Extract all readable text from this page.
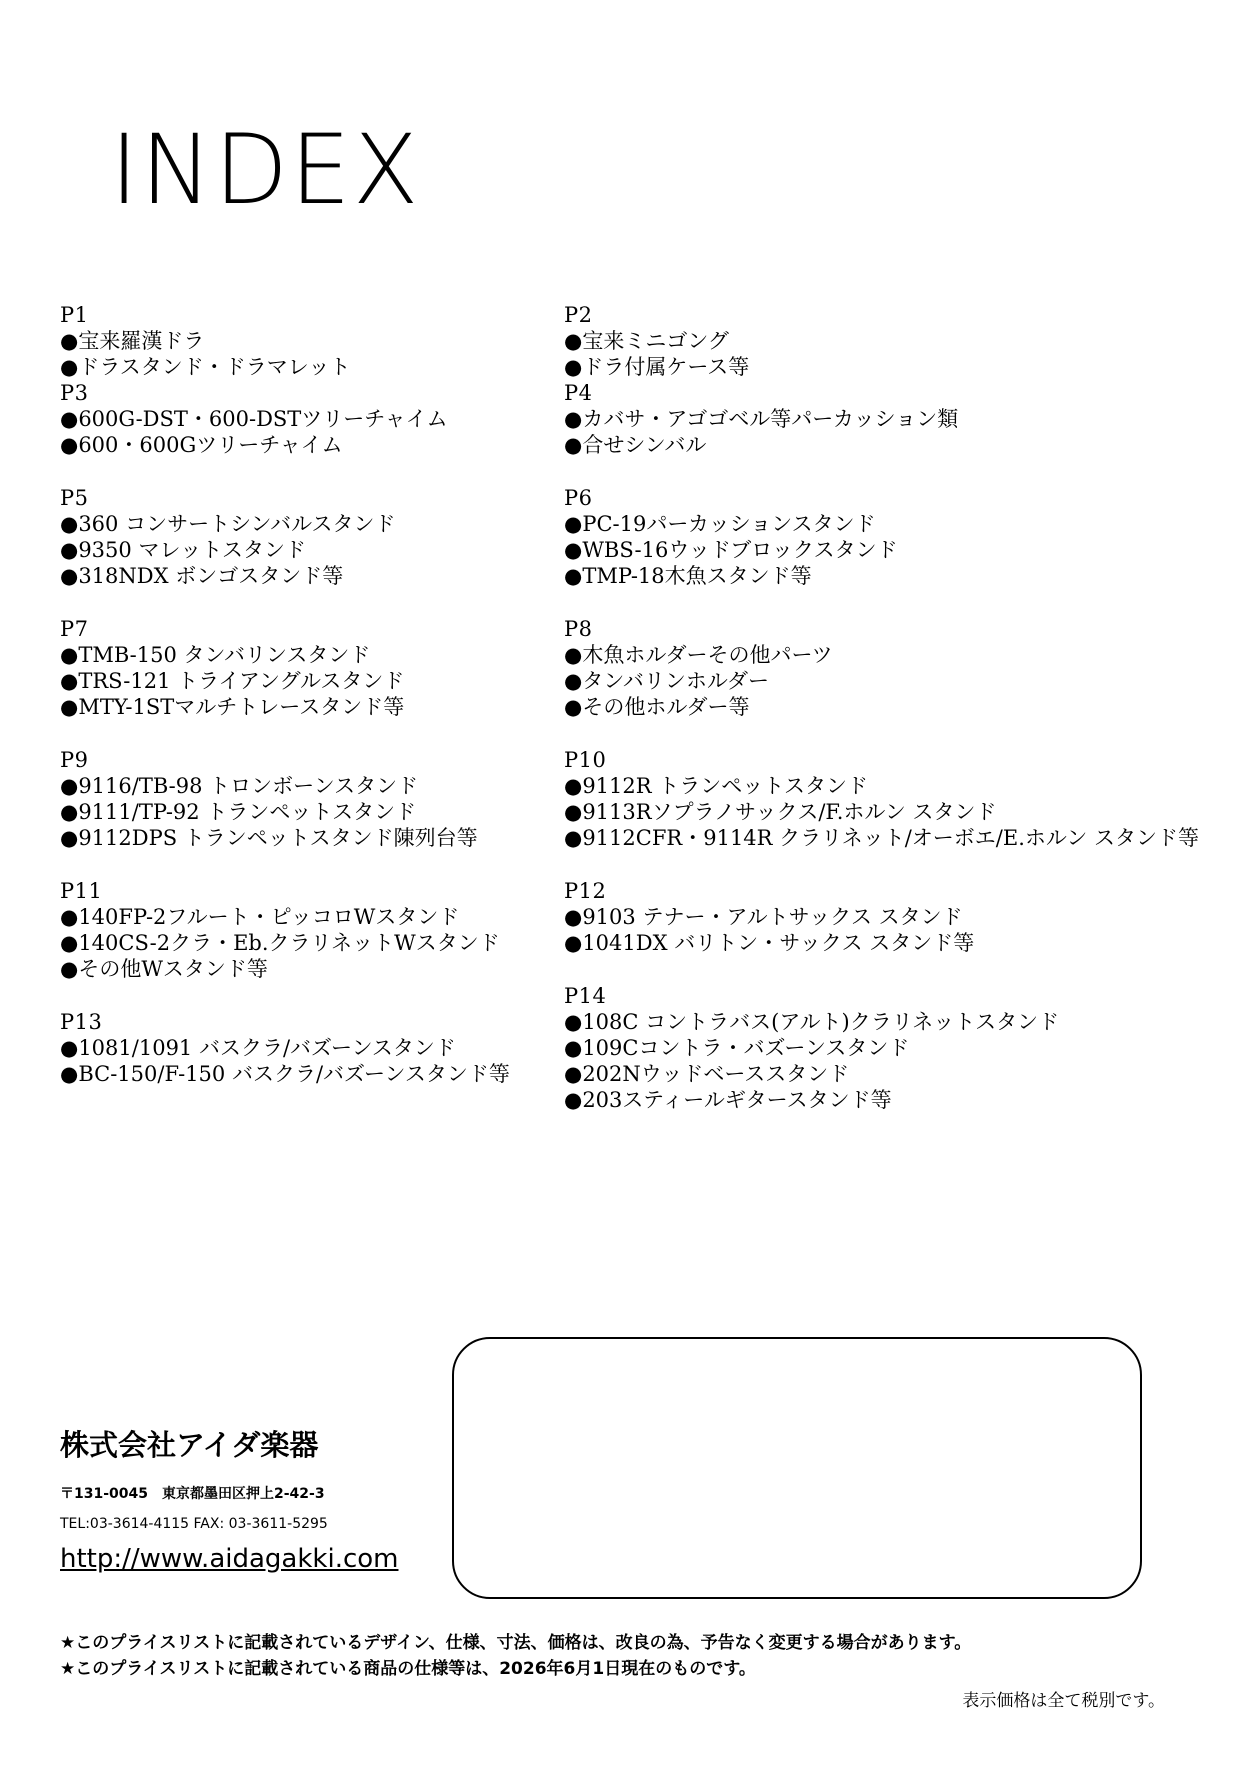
INDEX
P1
●宝来羅漢ドラ
●ドラスタンド・ドラマレット
P3
●600G-DST・600-DSTツリーチャイム
●600・600Gツリーチャイム
P5
●360 コンサートシンバルスタンド
●9350 マレットスタンド
●318NDX ボンゴスタンド等
P7
●TMB-150 タンバリンスタンド
●TRS-121 トライアングルスタンド
●MTY-1STマルチトレースタンド等
P9
●9116/TB-98 トロンボーンスタンド
●9111/TP-92 トランペットスタンド
●9112DPS トランペットスタンド陳列台等
P11
●140FP-2フルート・ピッコロWスタンド
●140CS-2クラ・Eb.クラリネットWスタンド
●その他Wスタンド等
P13
●1081/1091 バスクラ/バズーンスタンド
●BC-150/F-150 バスクラ/バズーンスタンド等
P2
●宝来ミニゴング
●ドラ付属ケース等
P4
●カバサ・アゴゴベル等パーカッション類
●合せシンバル
P6
●PC-19パーカッションスタンド
●WBS-16ウッドブロックスタンド
●TMP-18木魚スタンド等
P8
●木魚ホルダーその他パーツ
●タンバリンホルダー
●その他ホルダー等
P10
●9112R トランペットスタンド
●9113Rソプラノサックス/F.ホルン スタンド
●9112CFR・9114R クラリネット/オーボエ/E.ホルン スタンド等
P12
●9103 テナー・アルトサックス スタンド
●1041DX バリトン・サックス スタンド等
P14
●108C コントラバス(アルト)クラリネットスタンド
●109Cコントラ・バズーンスタンド
●202Nウッドベーススタンド
●203スティールギタースタンド等
株式会社アイダ楽器
〒131-0045　東京都墨田区押上2-42-3
TEL:03-3614-4115 FAX: 03-3611-5295
http://www.aidagakki.com
★このプライスリストに記載されているデザイン、仕様、寸法、価格は、改良の為、予告なく変更する場合があります。
★このプライスリストに記載されている商品の仕様等は、2026年6月1日現在のものです。
表示価格は全て税別です。
